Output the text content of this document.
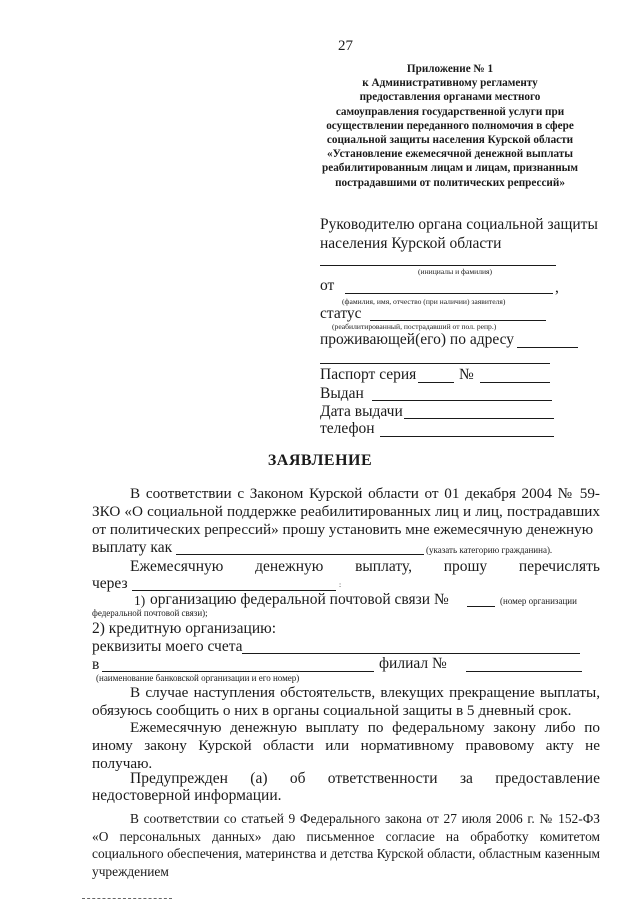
27
Приложение № 1
к Административному регламенту
предоставления органами местного
самоуправления государственной услуги при
осуществлении переданного полномочия в сфере
социальной защиты населения Курской области
«Установление ежемесячной денежной выплаты
реабилитированным лицам и лицам, признанным
пострадавшими от политических репрессий»
Руководителю органа социальной защиты
населения Курской области
(инициалы и фамилия)
от	,
(фамилия, имя, отчество (при наличии) заявителя)
статус
(реабилитированный, пострадавший от пол. репр.)
проживающей(его) по адресу
Паспорт серия	№
Выдан
Дата выдачи
телефон
ЗАЯВЛЕНИЕ
В соответствии с Законом Курской области от 01 декабря 2004 № 59-ЗКО «О социальной поддержке реабилитированных лиц и лиц, пострадавших от политических репрессий» прошу установить мне ежемесячную денежную
выплату как	(указать категорию гражданина).
Ежемесячную денежную выплату, прошу перечислять
через	:
1) организацию федеральной почтовой связи №	(номер организации
федеральной почтовой связи);
2) кредитную организацию:
реквизиты моего счета
в	филиал №
(наименование банковской организации и его номер)
В случае наступления обстоятельств, влекущих прекращение выплаты, обязуюсь сообщить о них в органы социальной защиты в 5 дневный срок.
Ежемесячную денежную выплату по федеральному закону либо по иному закону Курской области или нормативному правовому акту не получаю.
Предупрежден (а) об ответственности за предоставление
недостоверной информации.
В соответствии со статьей 9 Федерального закона от 27 июля 2006 г. № 152-ФЗ «О персональных данных» даю письменное согласие на обработку комитетом социального обеспечения, материнства и детства Курской области, областным казенным учреждением
